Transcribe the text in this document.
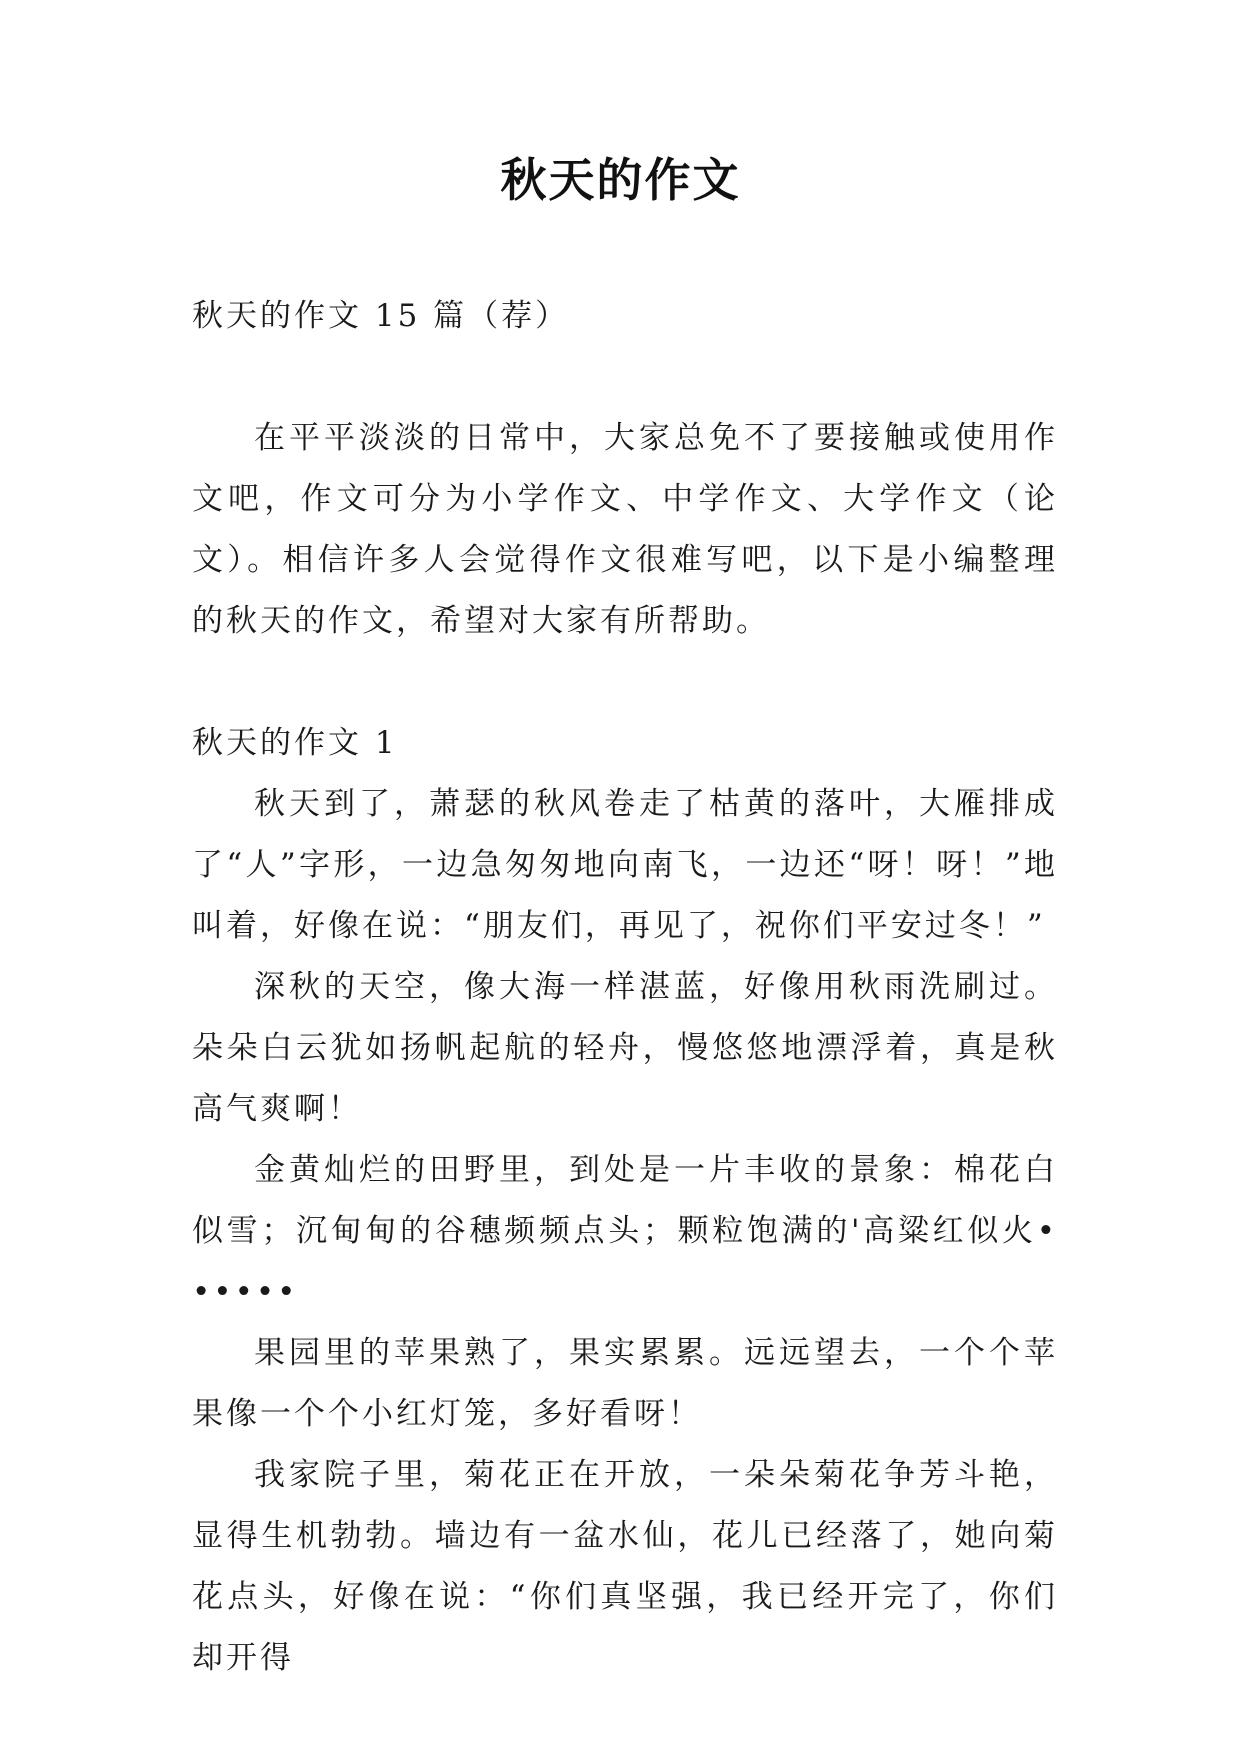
秋天的作文

秋天的作文 15 篇（荐）

在平平淡淡的日常中，大家总免不了要接触或使用作文吧，作文可分为小学作文、中学作文、大学作文（论文）。相信许多人会觉得作文很难写吧，以下是小编整理的秋天的作文，希望对大家有所帮助。

秋天的作文 1

秋天到了，萧瑟的秋风卷走了枯黄的落叶，大雁排成了“人”字形，一边急匆匆地向南飞，一边还“呀！呀！”地叫着，好像在说：“朋友们，再见了，祝你们平安过冬！”

深秋的天空，像大海一样湛蓝，好像用秋雨洗刷过。朵朵白云犹如扬帆起航的轻舟，慢悠悠地漂浮着，真是秋高气爽啊！

金黄灿烂的田野里，到处是一片丰收的景象：棉花白似雪；沉甸甸的谷穗频频点头；颗粒饱满的'高粱红似火••••••

果园里的苹果熟了，果实累累。远远望去，一个个苹果像一个个小红灯笼，多好看呀！

我家院子里，菊花正在开放，一朵朵菊花争芳斗艳，显得生机勃勃。墙边有一盆水仙，花儿已经落了，她向菊花点头，好像在说：“你们真坚强，我已经开完了，你们却开得
